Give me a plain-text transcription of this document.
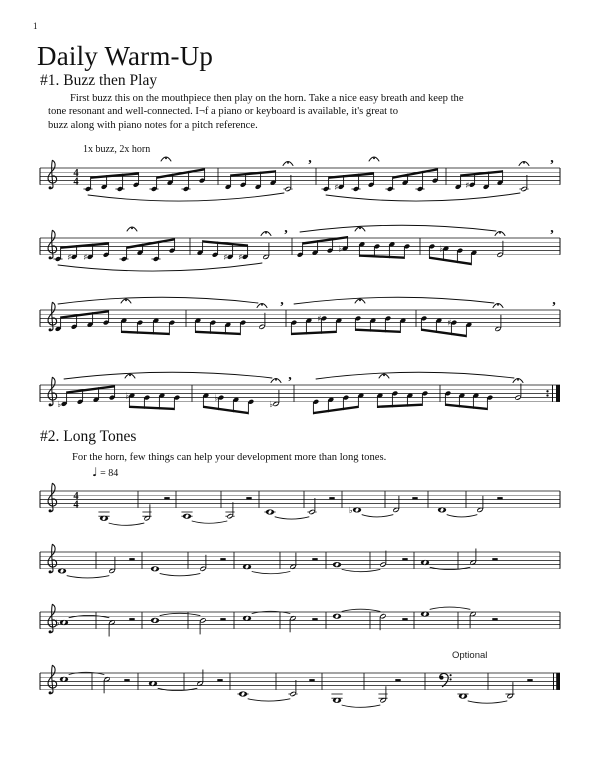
1
Daily Warm-Up
#1. Buzz then Play
First buzz this on the mouthpiece then play on the horn. Take a nice easy breath and keep the
tone resonant and well-connected. I¬f a piano or keyboard is available, it's great to
buzz along with piano notes for a pitch reference.
1x buzz, 2x horn
#2. Long Tones
For the horn, few things can help your development more than long tones.
♩ = 84
Optional
4
4
♯	♯
,	,
♯ ♯	♯ ♯
♭	♭
,	,
♯	♯
,	,
♭
♭	♭
♭
,
4
4
♭
♭
